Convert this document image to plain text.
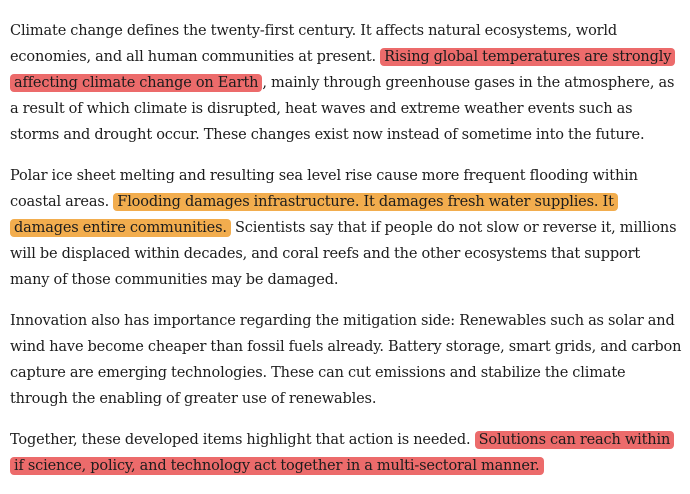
Climate change defines the twenty-first century. It affects natural ecosystems, world economies, and all human communities at present. Rising global temperatures are strongly affecting climate change on Earth , mainly through greenhouse gases in the atmosphere, as a result of which climate is disrupted, heat waves and extreme weather events such as storms and drought occur. These changes exist now instead of sometime into the future.

Polar ice sheet melting and resulting sea level rise cause more frequent flooding within coastal areas. Flooding damages infrastructure. It damages fresh water supplies. It damages entire communities. Scientists say that if people do not slow or reverse it, millions will be displaced within decades, and coral reefs and the other ecosystems that support many of those communities may be damaged.

Innovation also has importance regarding the mitigation side: Renewables such as solar and wind have become cheaper than fossil fuels already. Battery storage, smart grids, and carbon capture are emerging technologies. These can cut emissions and stabilize the climate through the enabling of greater use of renewables.

Together, these developed items highlight that action is needed. Solutions can reach within if science, policy, and technology act together in a multi-sectoral manner.
